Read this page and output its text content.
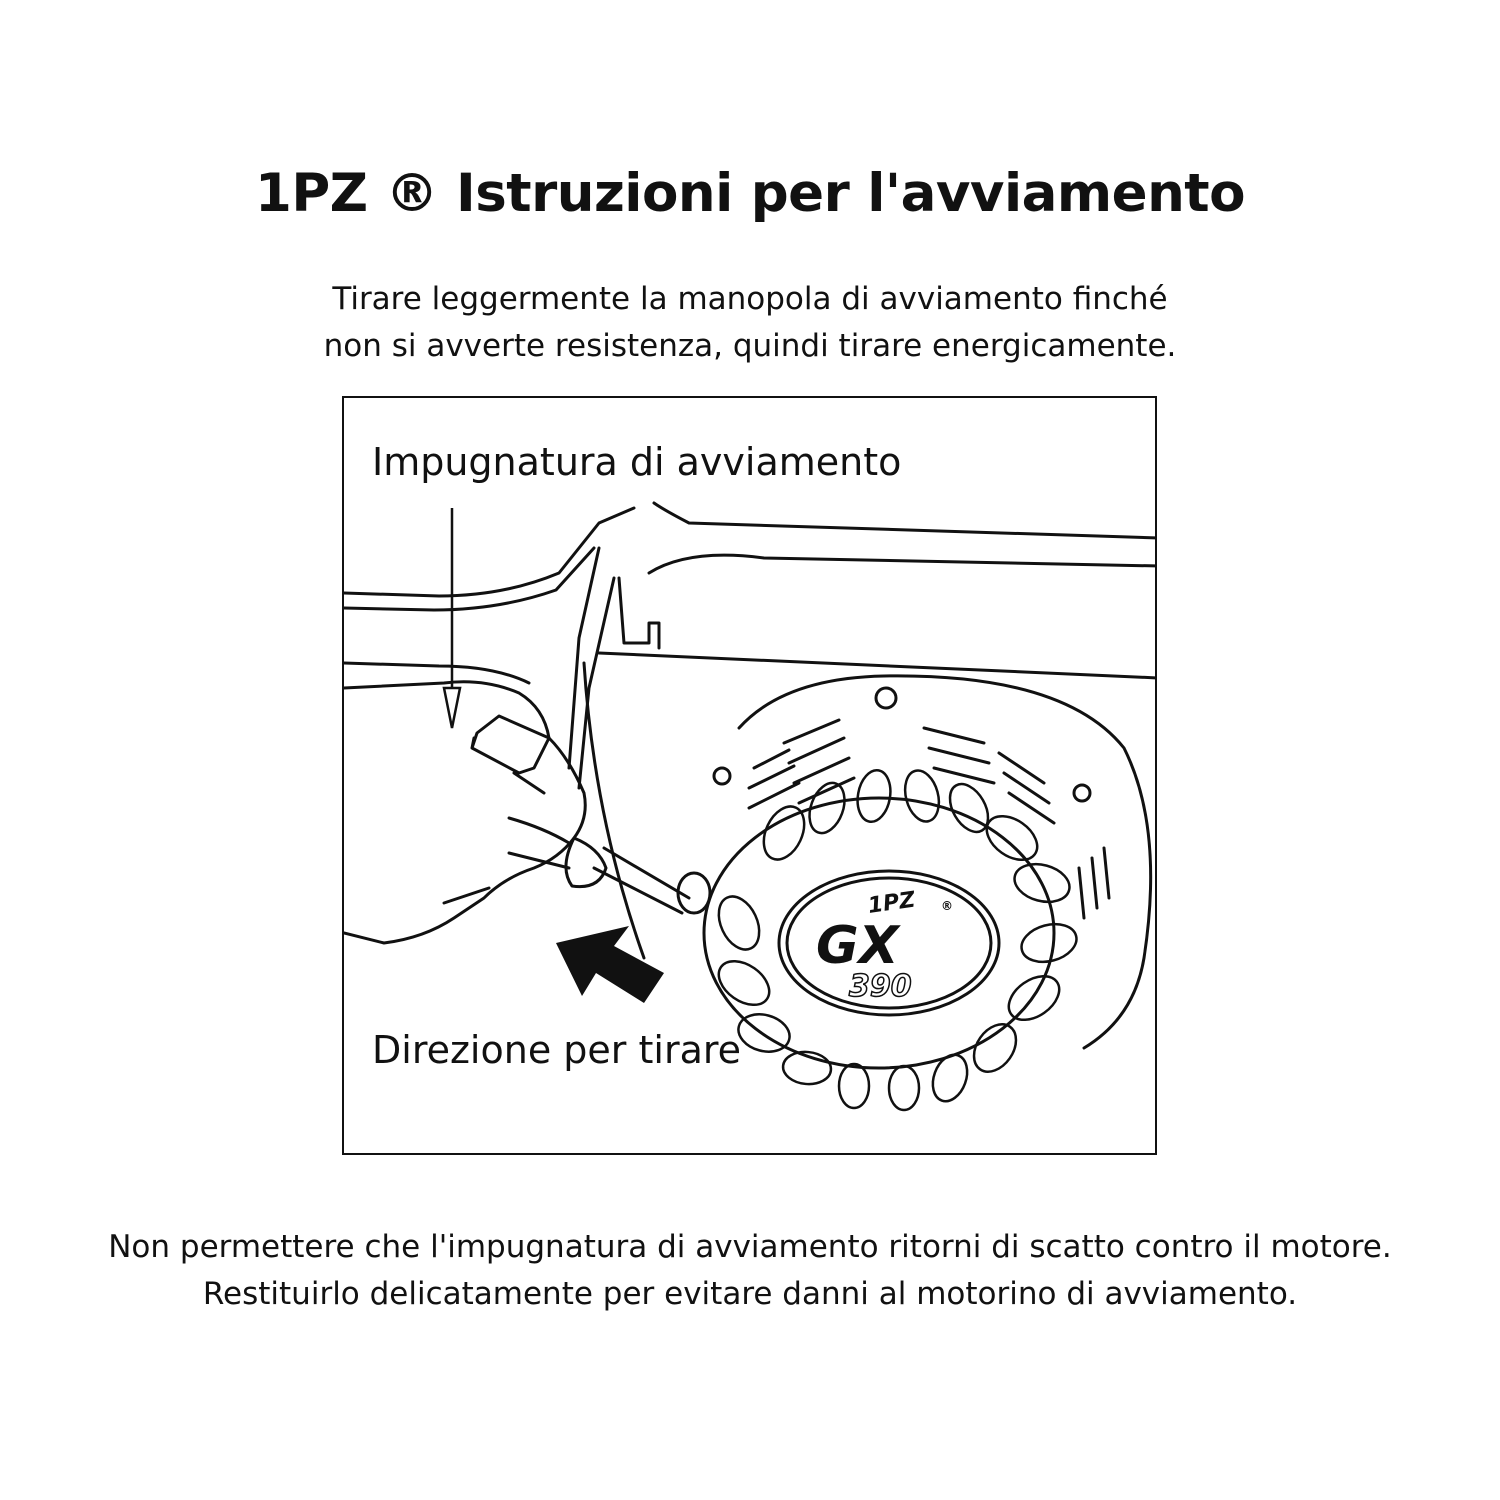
1PZ ® Istruzioni per l'avviamento

Tirare leggermente la manopola di avviamento finché
non si avverte resistenza, quindi tirare energicamente.

1PZ ®
GX
390

Impugnatura di avviamento

Direzione per tirare

Non permettere che l'impugnatura di avviamento ritorni di scatto contro il motore.
Restituirlo delicatamente per evitare danni al motorino di avviamento.
